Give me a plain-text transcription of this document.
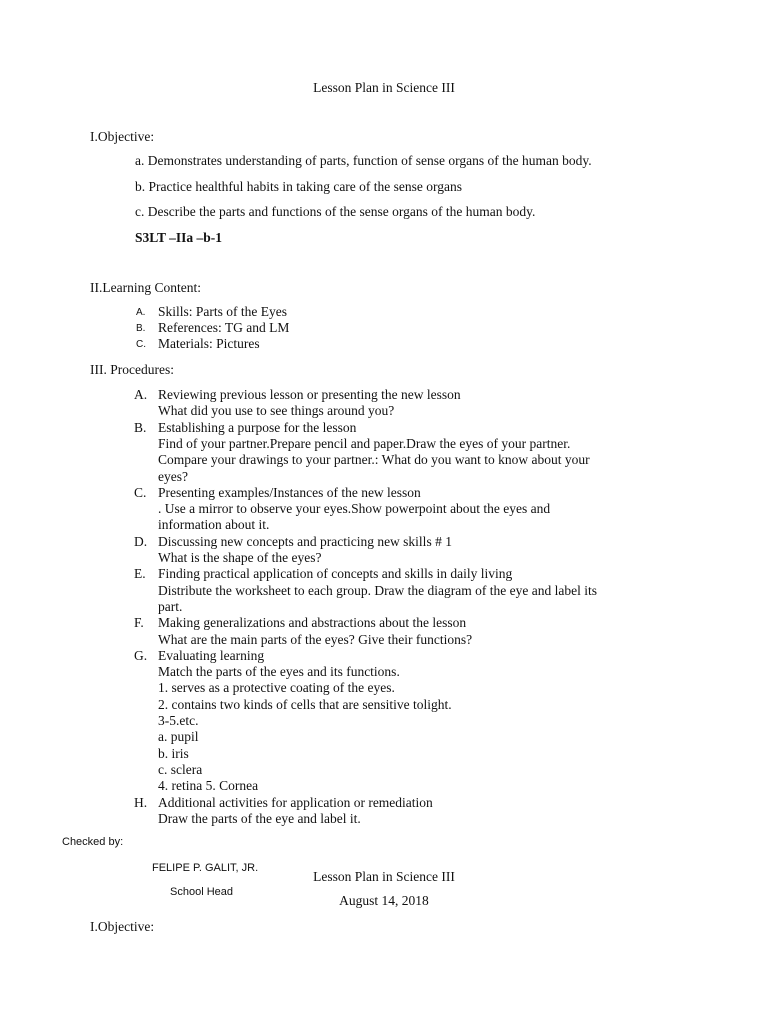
Lesson Plan in Science III
I.Objective:
a. Demonstrates understanding of parts, function of sense organs of the human body.
b. Practice healthful habits in taking care of the sense organs
c. Describe the parts and functions of the sense organs of the human body.
S3LT –IIa –b-1
II.Learning Content:
A. Skills: Parts of the Eyes
B. References: TG and LM
C. Materials: Pictures
III. Procedures:
A. Reviewing previous lesson or presenting the new lesson
What did you use to see things around you?
B. Establishing a purpose for the lesson
Find of your partner.Prepare pencil and paper.Draw the eyes of your partner.
Compare your drawings to your partner.: What do you want to know about your
eyes?
C. Presenting examples/Instances of the new lesson
. Use a mirror to observe your eyes.Show powerpoint about the eyes and
information about it.
D. Discussing new concepts and practicing new skills # 1
What is the shape of the eyes?
E. Finding practical application of concepts and skills in daily living
Distribute the worksheet to each group. Draw the diagram of the eye and label its
part.
F. Making generalizations and abstractions about the lesson
What are the main parts of the eyes? Give their functions?
G. Evaluating learning
Match the parts of the eyes and its functions.
1. serves as a protective coating of the eyes.
2. contains two kinds of cells that are sensitive tolight.
3-5.etc.
a. pupil
b. iris
c. sclera
4. retina 5. Cornea
H. Additional activities for application or remediation
Draw the parts of the eye and label it.
Checked by:
FELIPE P. GALIT, JR.
School Head
Lesson Plan in Science III
August 14, 2018
I.Objective:
